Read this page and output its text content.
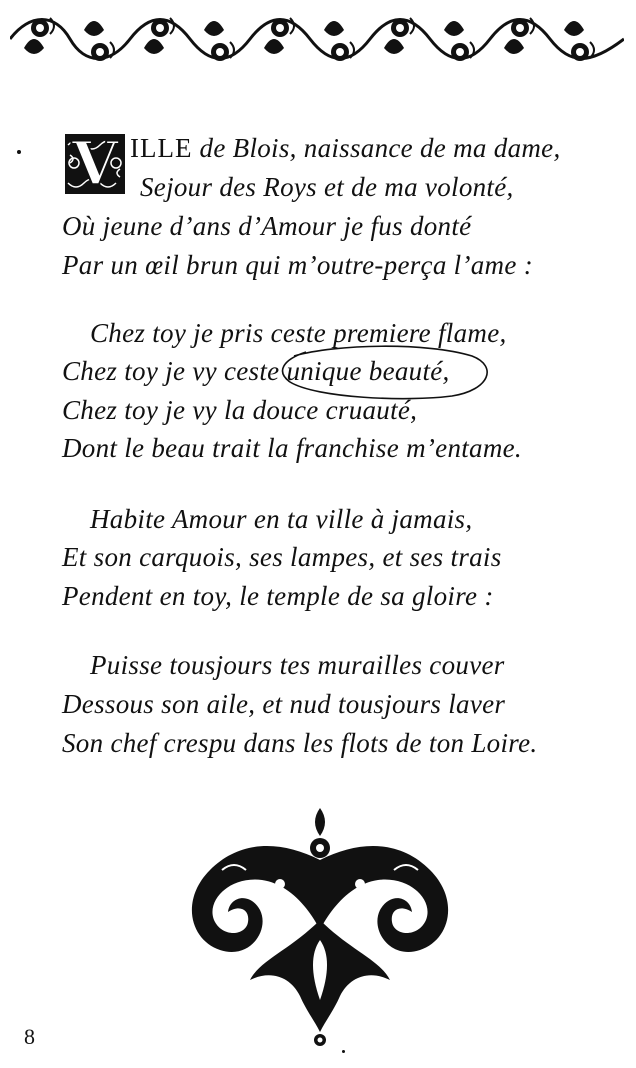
V ILLE de Blois, naissance de ma dame,

Sejour des Roys et de ma volonté,

Où jeune d’ans d’Amour je fus donté

Par un œil brun qui m’outre-perça l’ame :

Chez toy je pris ceste premiere flame,

Chez toy je vy ceste unique beauté,

Chez toy je vy la douce cruauté,

Dont le beau trait la franchise m’entame.

Habite Amour en ta ville à jamais,

Et son carquois, ses lampes, et ses trais

Pendent en toy, le temple de sa gloire :

Puisse tousjours tes murailles couver

Dessous son aile, et nud tousjours laver

Son chef crespu dans les flots de ton Loire.

8
